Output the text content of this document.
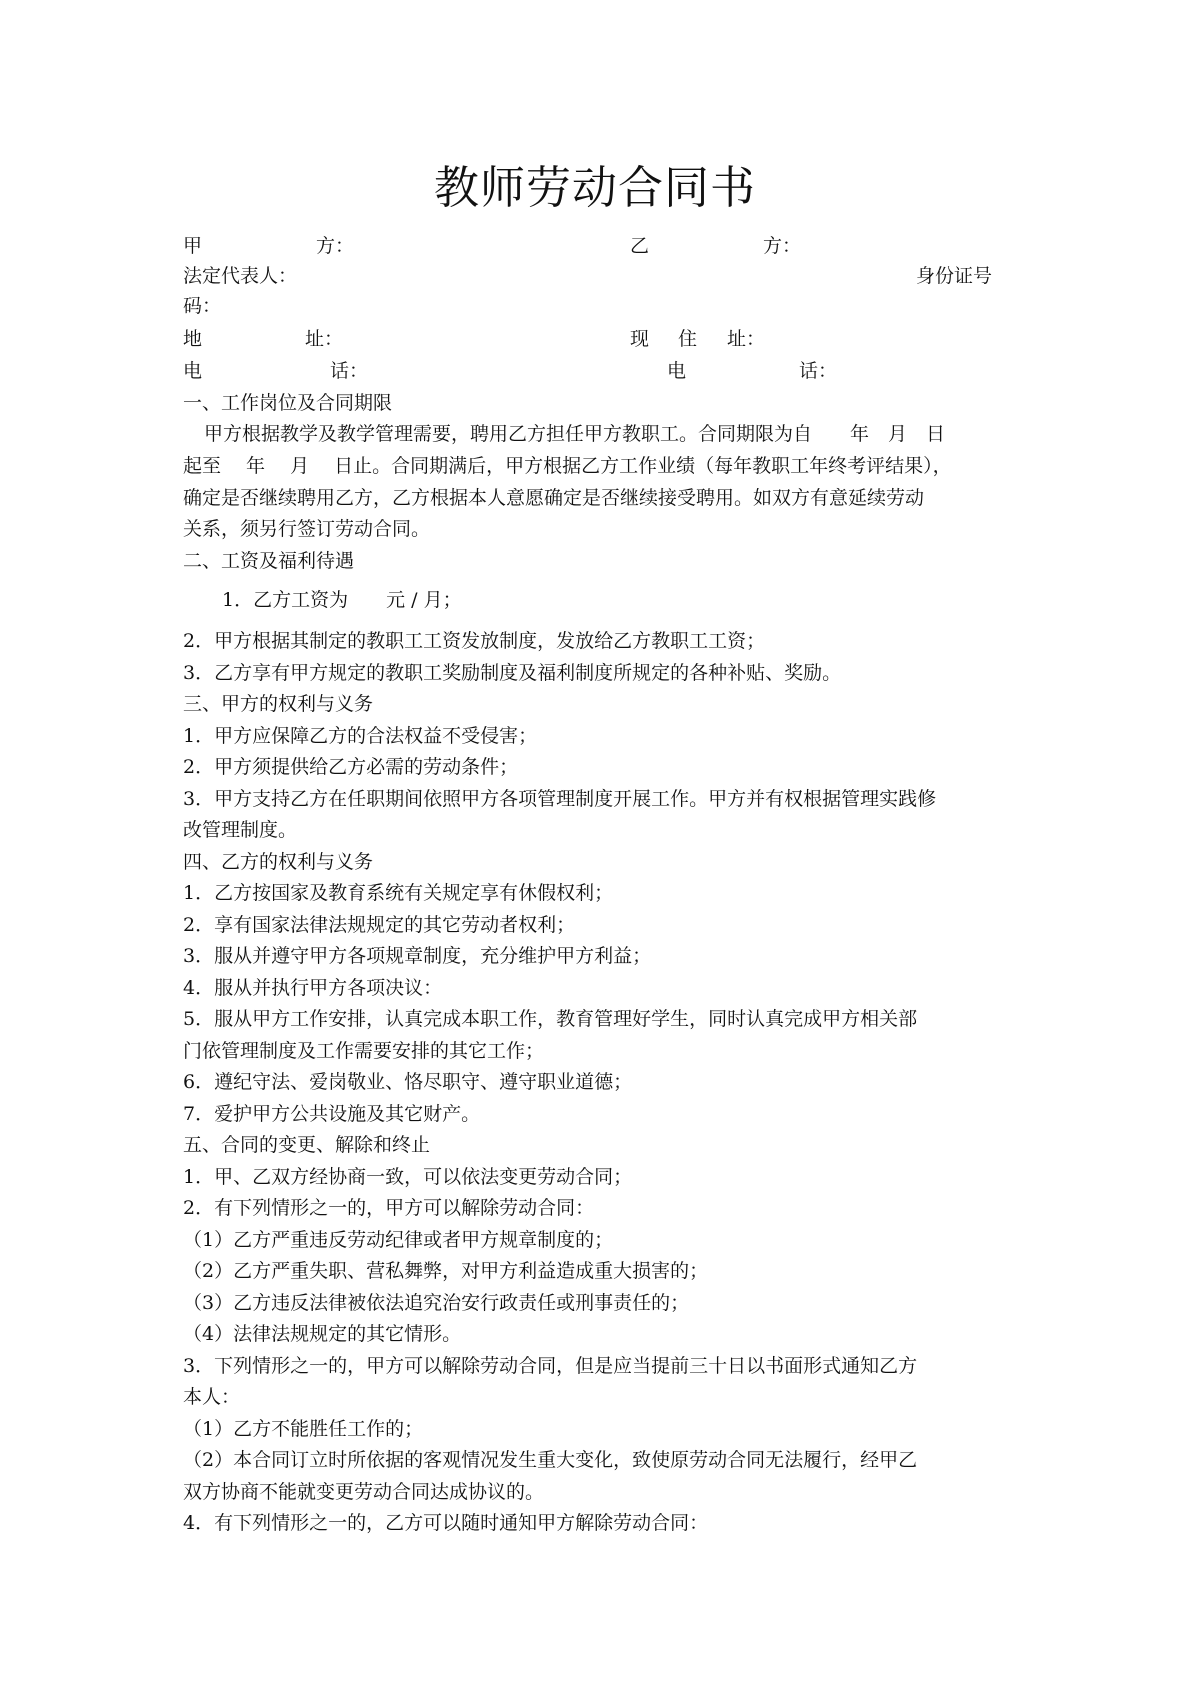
教师劳动合同书
甲	方：	乙	方：
法定代表人：	身份证号
码：
地	址：	现 住 址：
电	话：	电	话：
一、工作岗位及合同期限
甲方根据教学及教学管理需要，聘用乙方担任甲方教职工。合同期限为自　　年　月　日
起至　 年　 月　 日止。合同期满后，甲方根据乙方工作业绩（每年教职工年终考评结果），
确定是否继续聘用乙方，乙方根据本人意愿确定是否继续接受聘用。如双方有意延续劳动
关系，须另行签订劳动合同。
二、工资及福利待遇
1．乙方工资为　　元 / 月；
2．甲方根据其制定的教职工工资发放制度，发放给乙方教职工工资；
3．乙方享有甲方规定的教职工奖励制度及福利制度所规定的各种补贴、奖励。
三、甲方的权利与义务
1．甲方应保障乙方的合法权益不受侵害；
2．甲方须提供给乙方必需的劳动条件；
3．甲方支持乙方在任职期间依照甲方各项管理制度开展工作。甲方并有权根据管理实践修
改管理制度。
四、乙方的权利与义务
1．乙方按国家及教育系统有关规定享有休假权利；
2．享有国家法律法规规定的其它劳动者权利；
3．服从并遵守甲方各项规章制度，充分维护甲方利益；
4．服从并执行甲方各项决议：
5．服从甲方工作安排，认真完成本职工作，教育管理好学生，同时认真完成甲方相关部
门依管理制度及工作需要安排的其它工作；
6．遵纪守法、爱岗敬业、恪尽职守、遵守职业道德；
7．爱护甲方公共设施及其它财产。
五、合同的变更、解除和终止
1．甲、乙双方经协商一致，可以依法变更劳动合同；
2．有下列情形之一的，甲方可以解除劳动合同：
（1）乙方严重违反劳动纪律或者甲方规章制度的；
（2）乙方严重失职、营私舞弊，对甲方利益造成重大损害的；
（3）乙方违反法律被依法追究治安行政责任或刑事责任的；
（4）法律法规规定的其它情形。
3．下列情形之一的，甲方可以解除劳动合同，但是应当提前三十日以书面形式通知乙方
本人：
（1）乙方不能胜任工作的；
（2）本合同订立时所依据的客观情况发生重大变化，致使原劳动合同无法履行，经甲乙
双方协商不能就变更劳动合同达成协议的。
4．有下列情形之一的，乙方可以随时通知甲方解除劳动合同：
